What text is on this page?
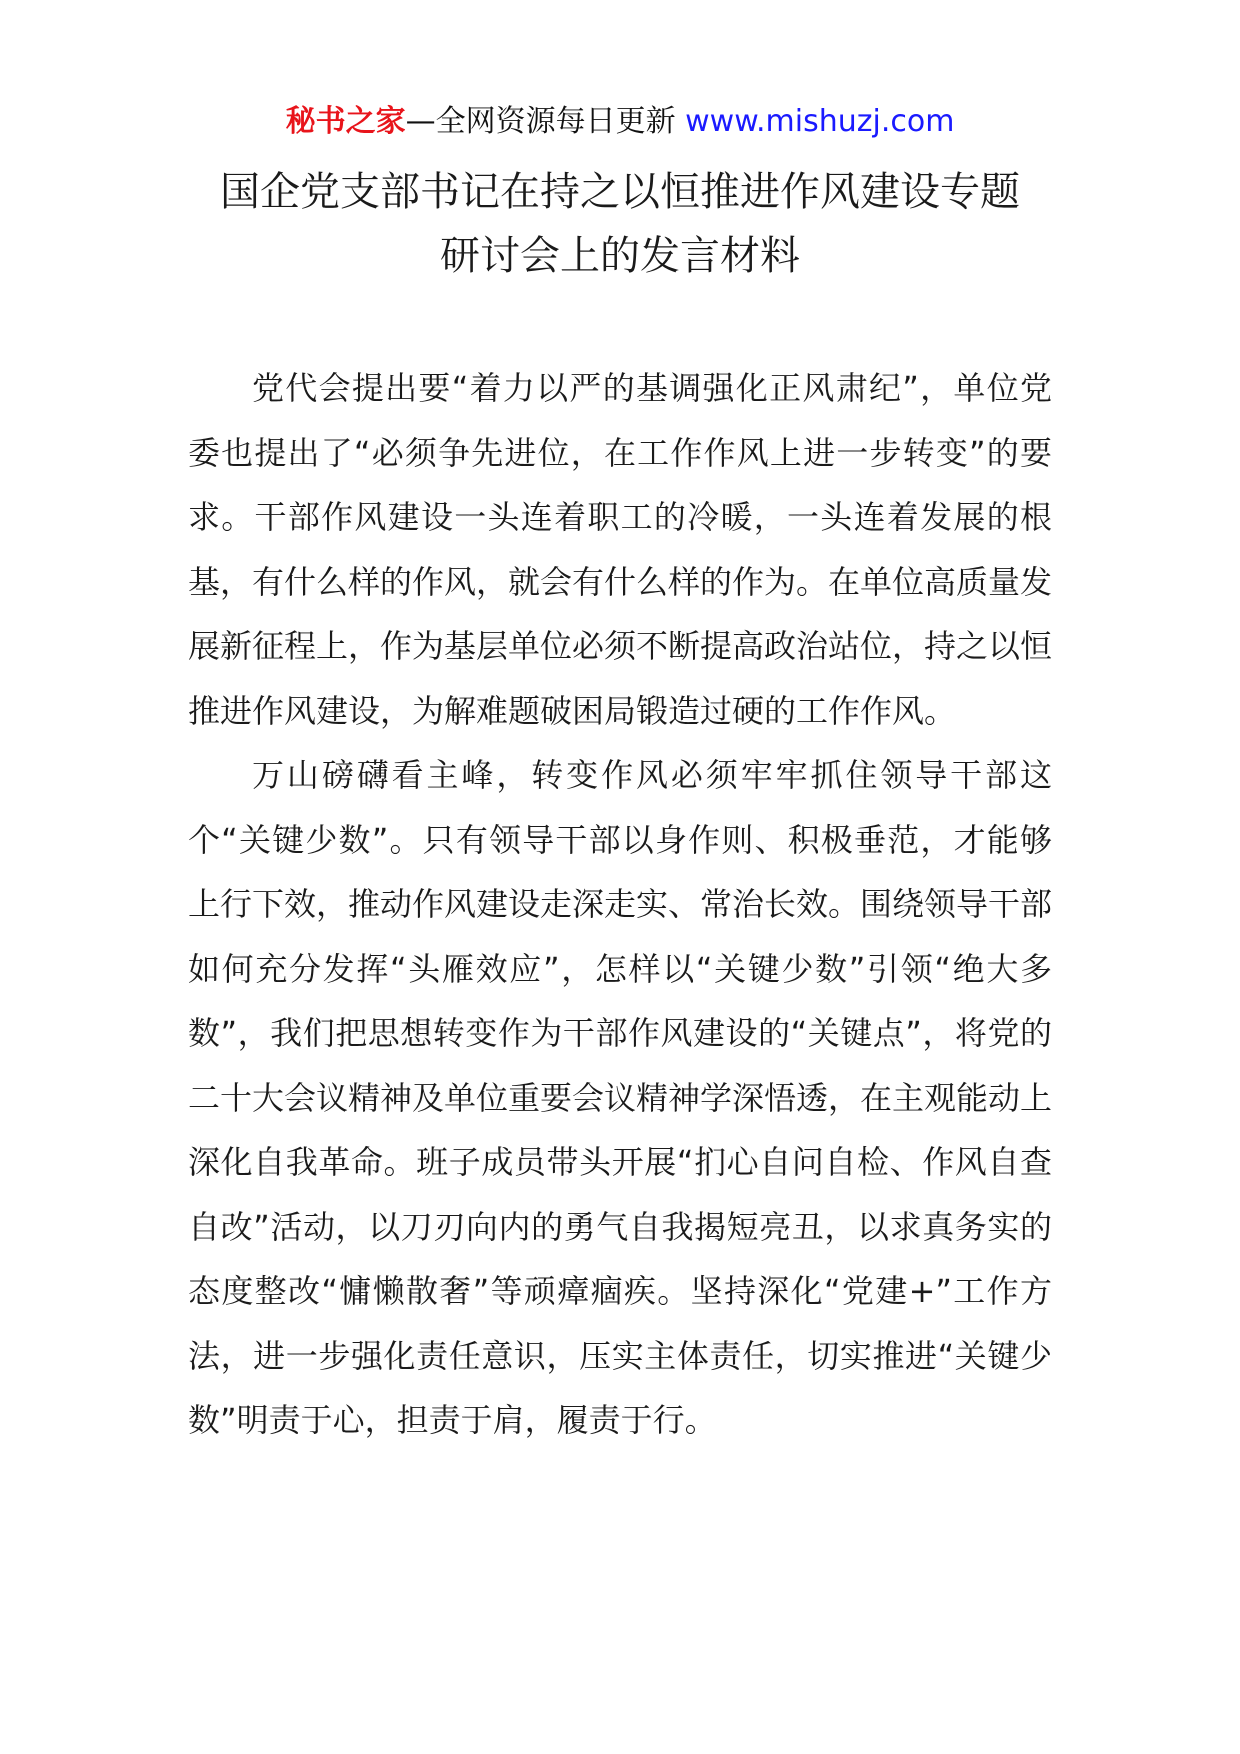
秘书之家—全网资源每日更新 www.mishuzj.com
国企党支部书记在持之以恒推进作风建设专题
研讨会上的发言材料

党代会提出要“着力以严的基调强化正风肃纪”，单位党委也提出了“必须争先进位，在工作作风上进一步转变”的要求。干部作风建设一头连着职工的冷暖，一头连着发展的根基，有什么样的作风，就会有什么样的作为。在单位高质量发展新征程上，作为基层单位必须不断提高政治站位，持之以恒推进作风建设，为解难题破困局锻造过硬的工作作风。

万山磅礴看主峰，转变作风必须牢牢抓住领导干部这个“关键少数”。只有领导干部以身作则、积极垂范，才能够上行下效，推动作风建设走深走实、常治长效。围绕领导干部如何充分发挥“头雁效应”，怎样以“关键少数”引领“绝大多数”，我们把思想转变作为干部作风建设的“关键点”，将党的二十大会议精神及单位重要会议精神学深悟透，在主观能动上深化自我革命。班子成员带头开展“扪心自问自检、作风自查自改”活动，以刀刃向内的勇气自我揭短亮丑，以求真务实的态度整改“慵懒散奢”等顽瘴痼疾。坚持深化“党建+”工作方法，进一步强化责任意识，压实主体责任，切实推进“关键少数”明责于心，担责于肩，履责于行。
